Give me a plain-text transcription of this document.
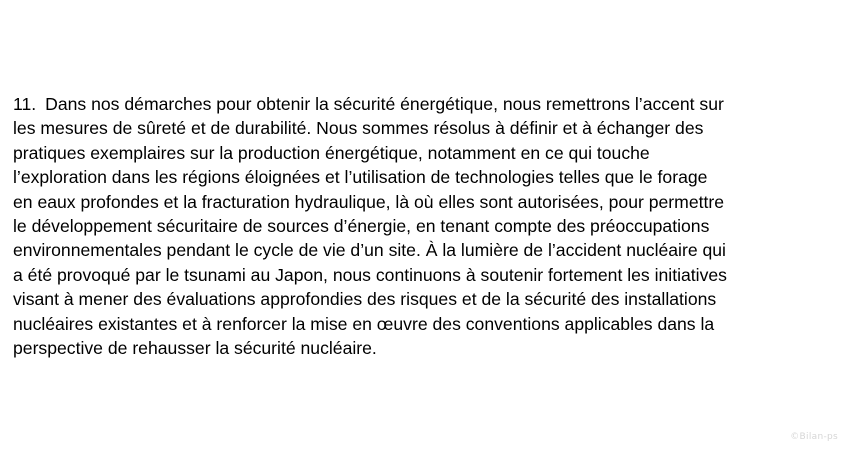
11. Dans nos démarches pour obtenir la sécurité énergétique, nous remettrons l’accent sur
les mesures de sûreté et de durabilité. Nous sommes résolus à définir et à échanger des
pratiques exemplaires sur la production énergétique, notamment en ce qui touche
l’exploration dans les régions éloignées et l’utilisation de technologies telles que le forage
en eaux profondes et la fracturation hydraulique, là où elles sont autorisées, pour permettre
le développement sécuritaire de sources d’énergie, en tenant compte des préoccupations
environnementales pendant le cycle de vie d’un site. À la lumière de l’accident nucléaire qui
a été provoqué par le tsunami au Japon, nous continuons à soutenir fortement les initiatives
visant à mener des évaluations approfondies des risques et de la sécurité des installations
nucléaires existantes et à renforcer la mise en œuvre des conventions applicables dans la
perspective de rehausser la sécurité nucléaire.
©Bilan-ps
